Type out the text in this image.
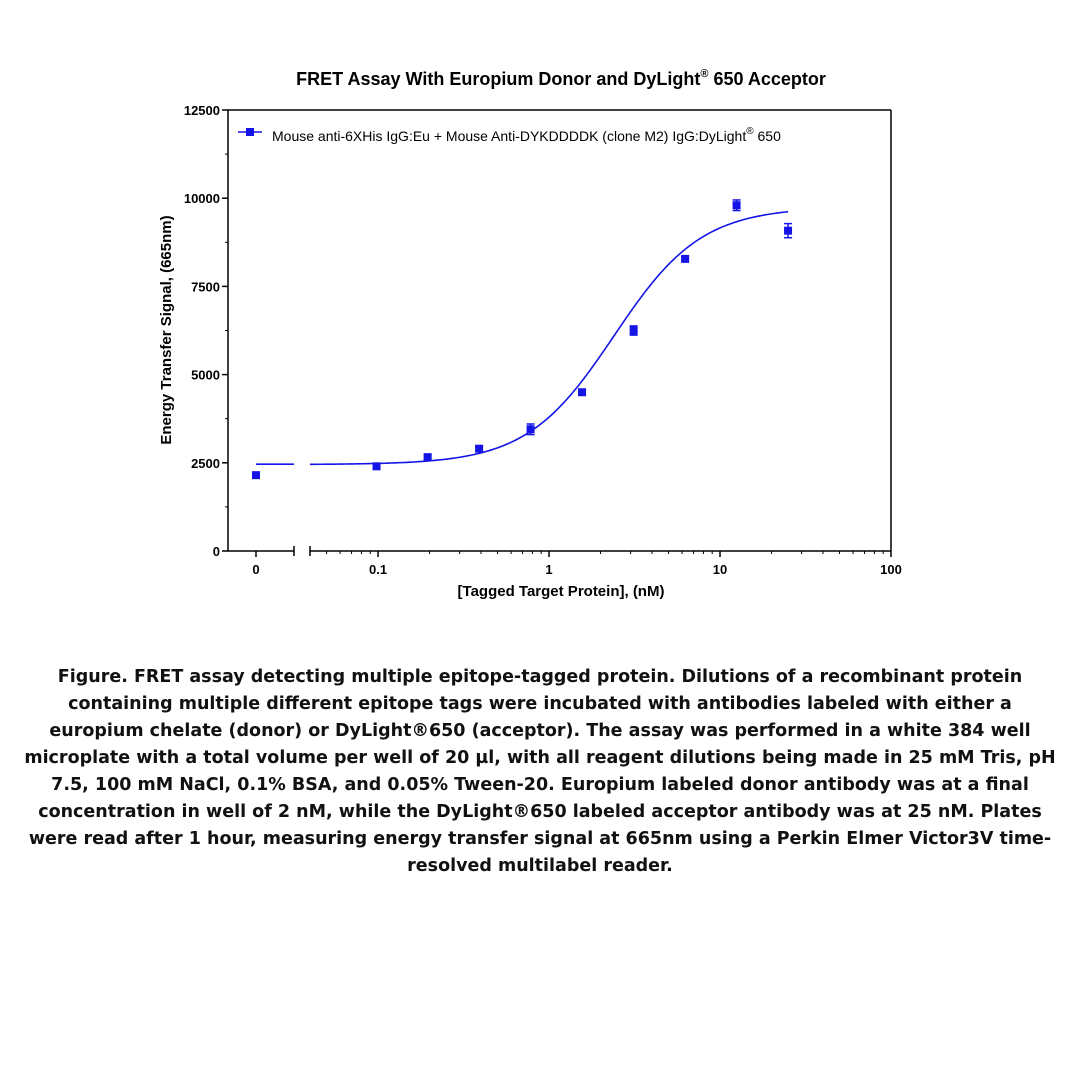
FRET Assay With Europium Donor and DyLight® 650 Acceptor
0
2500
5000
7500
10000
12500
0	0.1	1	10	100
Mouse anti-6XHis IgG:Eu + Mouse Anti-DYKDDDDK (clone M2) IgG:DyLight® 650
Energy Transfer Signal, (665nm)
[Tagged Target Protein], (nM)
Figure. FRET assay detecting multiple epitope-tagged protein. Dilutions of a recombinant protein containing multiple different epitope tags were incubated with antibodies labeled with either a europium chelate (donor) or DyLight®650 (acceptor). The assay was performed in a white 384 well microplate with a total volume per well of 20 µl, with all reagent dilutions being made in 25 mM Tris, pH 7.5, 100 mM NaCl, 0.1% BSA, and 0.05% Tween-20. Europium labeled donor antibody was at a final concentration in well of 2 nM, while the DyLight®650 labeled acceptor antibody was at 25 nM. Plates were read after 1 hour, measuring energy transfer signal at 665nm using a Perkin Elmer Victor3V time-resolved multilabel reader.
